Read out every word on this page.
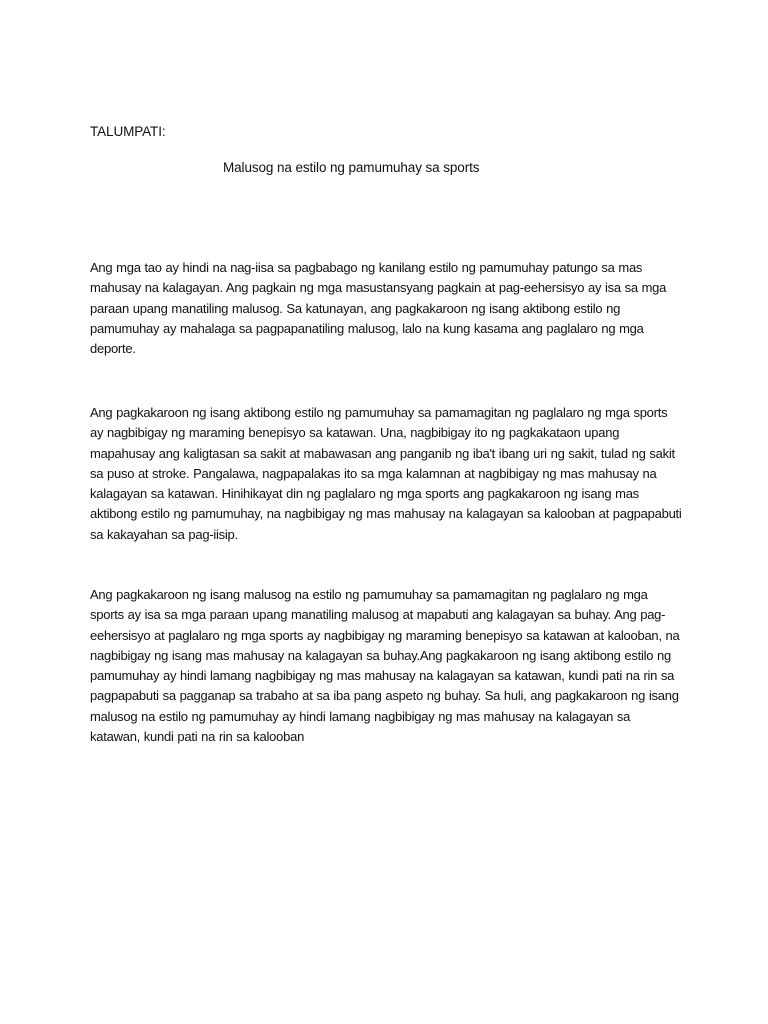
TALUMPATI:
Malusog na estilo ng pamumuhay sa sports

Ang mga tao ay hindi na nag-iisa sa pagbabago ng kanilang estilo ng pamumuhay patungo sa mas mahusay na kalagayan. Ang pagkain ng mga masustansyang pagkain at pag-eehersisyo ay isa sa mga paraan upang manatiling malusog. Sa katunayan, ang pagkakaroon ng isang aktibong estilo ng pamumuhay ay mahalaga sa pagpapanatiling malusog, lalo na kung kasama ang paglalaro ng mga deporte.

Ang pagkakaroon ng isang aktibong estilo ng pamumuhay sa pamamagitan ng paglalaro ng mga sports ay nagbibigay ng maraming benepisyo sa katawan. Una, nagbibigay ito ng pagkakataon upang mapahusay ang kaligtasan sa sakit at mabawasan ang panganib ng iba't ibang uri ng sakit, tulad ng sakit sa puso at stroke. Pangalawa, nagpapalakas ito sa mga kalamnan at nagbibigay ng mas mahusay na kalagayan sa katawan. Hinihikayat din ng paglalaro ng mga sports ang pagkakaroon ng isang mas aktibong estilo ng pamumuhay, na nagbibigay ng mas mahusay na kalagayan sa kalooban at pagpapabuti sa kakayahan sa pag-iisip.

Ang pagkakaroon ng isang malusog na estilo ng pamumuhay sa pamamagitan ng paglalaro ng mga sports ay isa sa mga paraan upang manatiling malusog at mapabuti ang kalagayan sa buhay. Ang pag-eehersisyo at paglalaro ng mga sports ay nagbibigay ng maraming benepisyo sa katawan at kalooban, na nagbibigay ng isang mas mahusay na kalagayan sa buhay.Ang pagkakaroon ng isang aktibong estilo ng pamumuhay ay hindi lamang nagbibigay ng mas mahusay na kalagayan sa katawan, kundi pati na rin sa pagpapabuti sa pagganap sa trabaho at sa iba pang aspeto ng buhay. Sa huli, ang pagkakaroon ng isang malusog na estilo ng pamumuhay ay hindi lamang nagbibigay ng mas mahusay na kalagayan sa katawan, kundi pati na rin sa kalooban
